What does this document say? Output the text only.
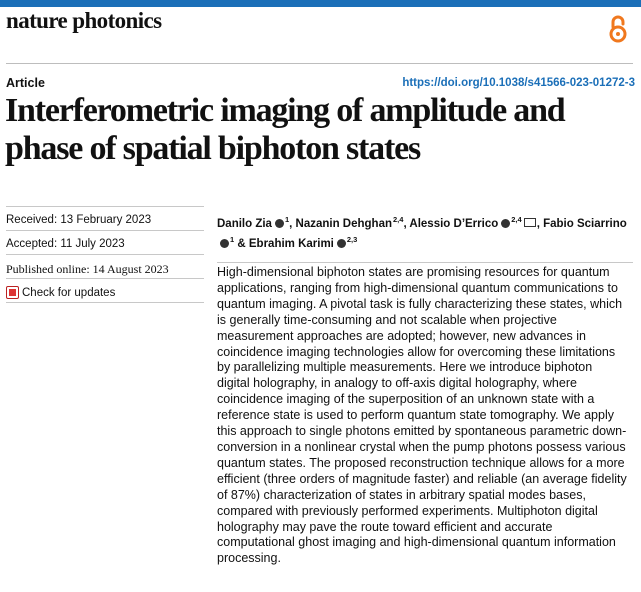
nature photonics
Article	https://doi.org/10.1038/s41566-023-01272-3
Interferometric imaging of amplitude and phase of spatial biphoton states
Received: 13 February 2023
Accepted: 11 July 2023
Published online: 14 August 2023
Check for updates
Danilo Zia $^1$, Nazanin Dehghan$^{2,4}$, Alessio D’Errico $^{2,4}$ , Fabio Sciarrino$^1$ & Ebrahim Karimi $^{2,3}$

High-dimensional biphoton states are promising resources for quantum applications, ranging from high-dimensional quantum communications to quantum imaging. A pivotal task is fully characterizing these states, which is generally time-consuming and not scalable when projective measurement approaches are adopted; however, new advances in coincidence imaging technologies allow for overcoming these limitations by parallelizing multiple measurements. Here we introduce biphoton digital holography, in analogy to off-axis digital holography, where coincidence imaging of the superposition of an unknown state with a reference state is used to perform quantum state tomography. We apply this approach to single photons emitted by spontaneous parametric down-conversion in a nonlinear crystal when the pump photons possess various quantum states. The proposed reconstruction technique allows for a more efficient (three orders of magnitude faster) and reliable (an average fidelity of 87%) characterization of states in arbitrary spatial modes bases, compared with previously performed experiments. Multiphoton digital holography may pave the route toward efficient and accurate computational ghost imaging and high-dimensional quantum information processing.
